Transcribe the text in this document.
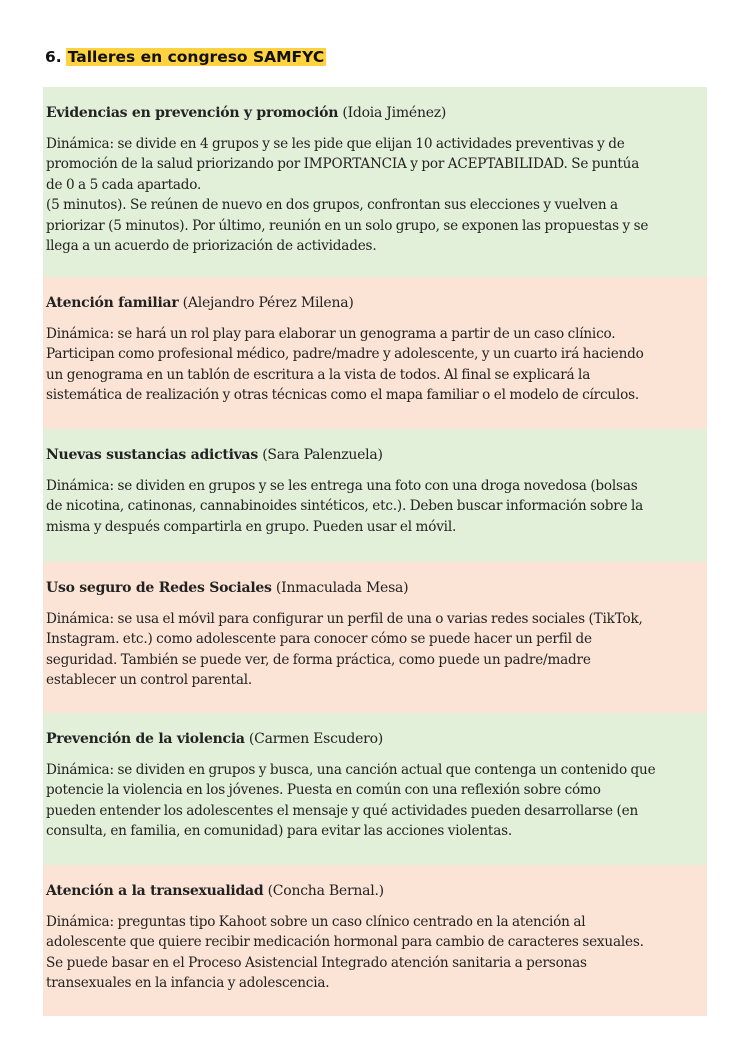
6. Talleres en congreso SAMFYC

Evidencias en prevención y promoción (Idoia Jiménez)

Dinámica: se divide en 4 grupos y se les pide que elijan 10 actividades preventivas y de
promoción de la salud priorizando por IMPORTANCIA y por ACEPTABILIDAD. Se puntúa
de 0 a 5 cada apartado.
(5 minutos). Se reúnen de nuevo en dos grupos, confrontan sus elecciones y vuelven a
priorizar (5 minutos). Por último, reunión en un solo grupo, se exponen las propuestas y se
llega a un acuerdo de priorización de actividades.

Atención familiar (Alejandro Pérez Milena)

Dinámica: se hará un rol play para elaborar un genograma a partir de un caso clínico.
Participan como profesional médico, padre/madre y adolescente, y un cuarto irá haciendo
un genograma en un tablón de escritura a la vista de todos. Al final se explicará la
sistemática de realización y otras técnicas como el mapa familiar o el modelo de círculos.

Nuevas sustancias adictivas (Sara Palenzuela)

Dinámica: se dividen en grupos y se les entrega una foto con una droga novedosa (bolsas
de nicotina, catinonas, cannabinoides sintéticos, etc.). Deben buscar información sobre la
misma y después compartirla en grupo. Pueden usar el móvil.

Uso seguro de Redes Sociales (Inmaculada Mesa)

Dinámica: se usa el móvil para configurar un perfil de una o varias redes sociales (TikTok,
Instagram. etc.) como adolescente para conocer cómo se puede hacer un perfil de
seguridad. También se puede ver, de forma práctica, como puede un padre/madre
establecer un control parental.

Prevención de la violencia (Carmen Escudero)

Dinámica: se dividen en grupos y busca, una canción actual que contenga un contenido que
potencie la violencia en los jóvenes. Puesta en común con una reflexión sobre cómo
pueden entender los adolescentes el mensaje y qué actividades pueden desarrollarse (en
consulta, en familia, en comunidad) para evitar las acciones violentas.

Atención a la transexualidad (Concha Bernal.)

Dinámica: preguntas tipo Kahoot sobre un caso clínico centrado en la atención al
adolescente que quiere recibir medicación hormonal para cambio de caracteres sexuales.
Se puede basar en el Proceso Asistencial Integrado atención sanitaria a personas
transexuales en la infancia y adolescencia.
